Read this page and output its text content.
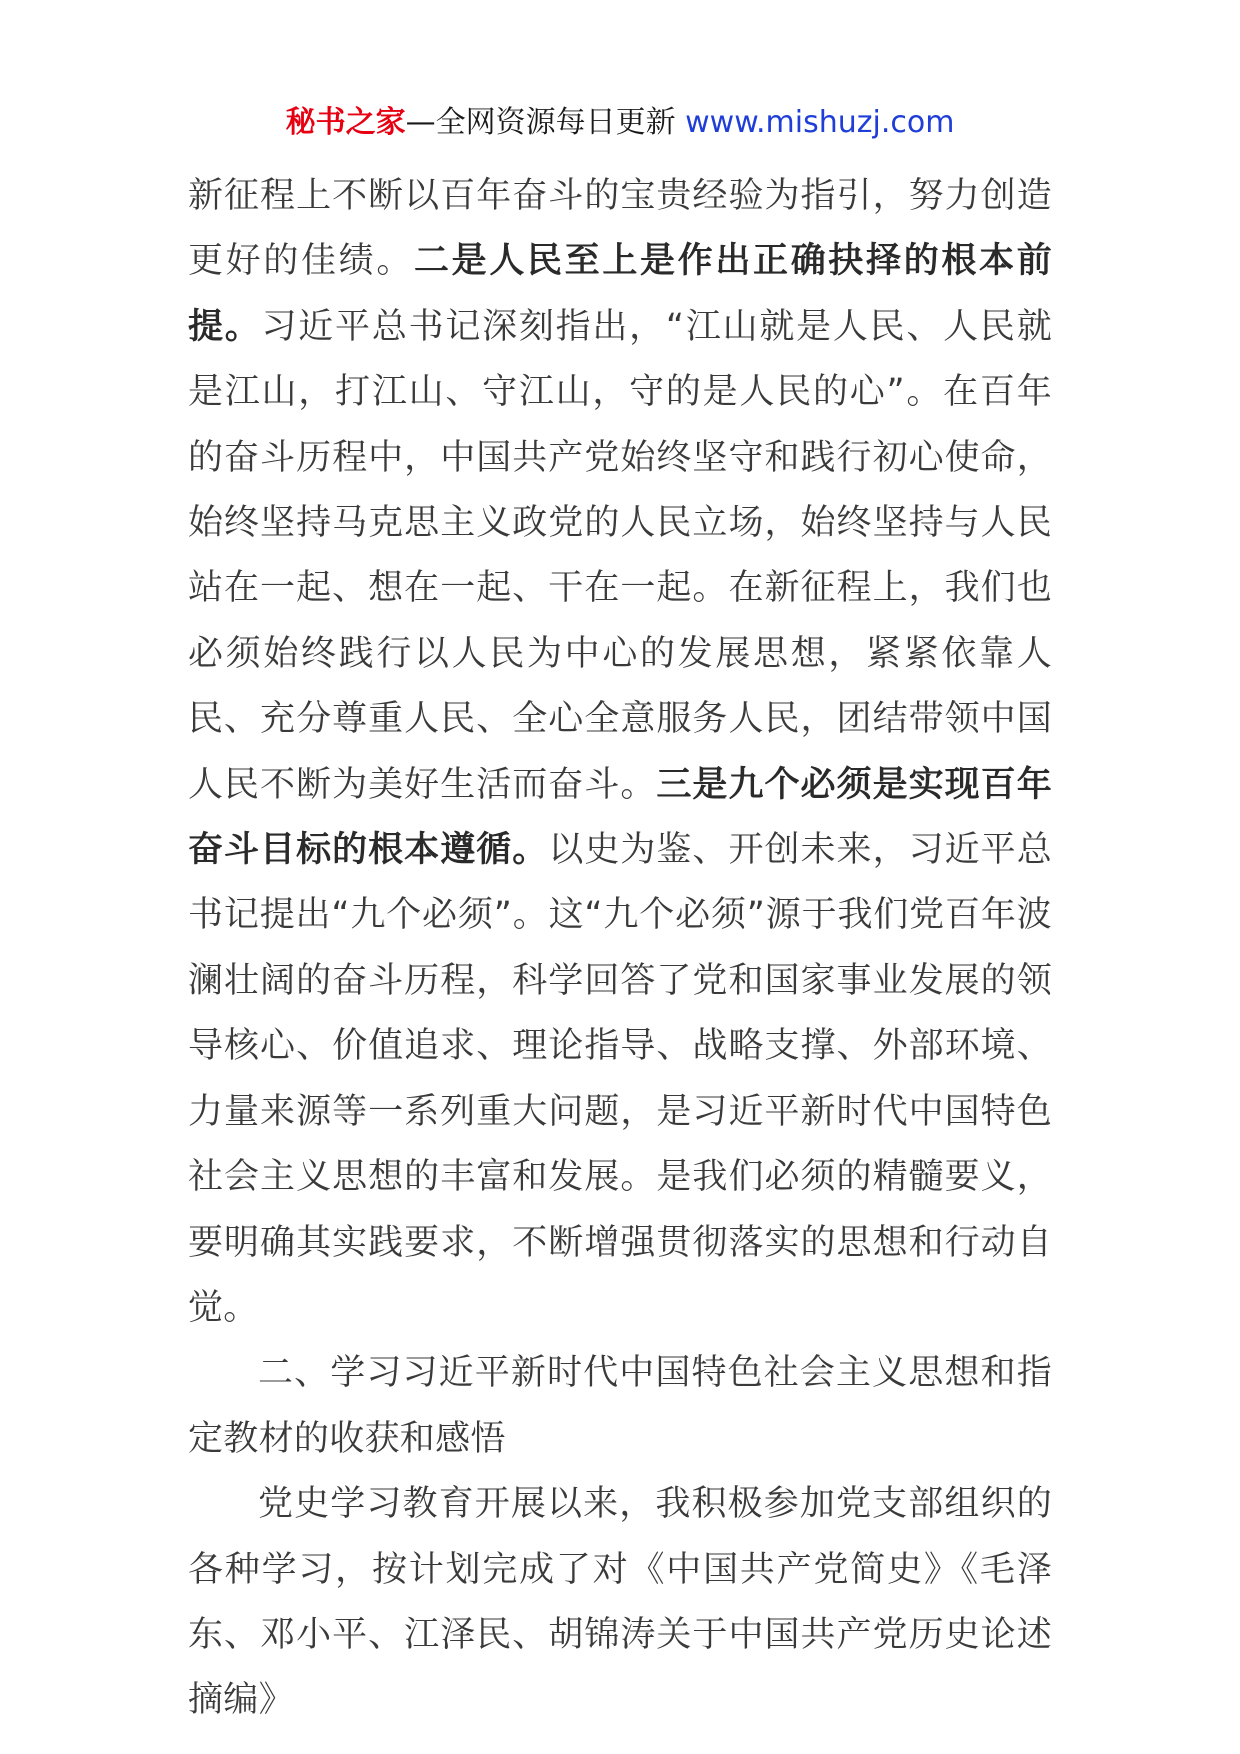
秘书之家—全网资源每日更新 www.mishuzj.com

新征程上不断以百年奋斗的宝贵经验为指引，努力创造更好的佳绩。二是人民至上是作出正确抉择的根本前提。习近平总书记深刻指出，“江山就是人民、人民就是江山，打江山、守江山，守的是人民的心”。在百年的奋斗历程中，中国共产党始终坚守和践行初心使命，始终坚持马克思主义政党的人民立场，始终坚持与人民站在一起、想在一起、干在一起。在新征程上，我们也必须始终践行以人民为中心的发展思想，紧紧依靠人民、充分尊重人民、全心全意服务人民，团结带领中国人民不断为美好生活而奋斗。三是九个必须是实现百年奋斗目标的根本遵循。以史为鉴、开创未来，习近平总书记提出“九个必须”。这“九个必须”源于我们党百年波澜壮阔的奋斗历程，科学回答了党和国家事业发展的领导核心、价值追求、理论指导、战略支撑、外部环境、力量来源等一系列重大问题，是习近平新时代中国特色社会主义思想的丰富和发展。是我们必须的精髓要义，要明确其实践要求，不断增强贯彻落实的思想和行动自觉。

二、学习习近平新时代中国特色社会主义思想和指定教材的收获和感悟

党史学习教育开展以来，我积极参加党支部组织的各种学习，按计划完成了对《中国共产党简史》《毛泽东、邓小平、江泽民、胡锦涛关于中国共产党历史论述摘编》
